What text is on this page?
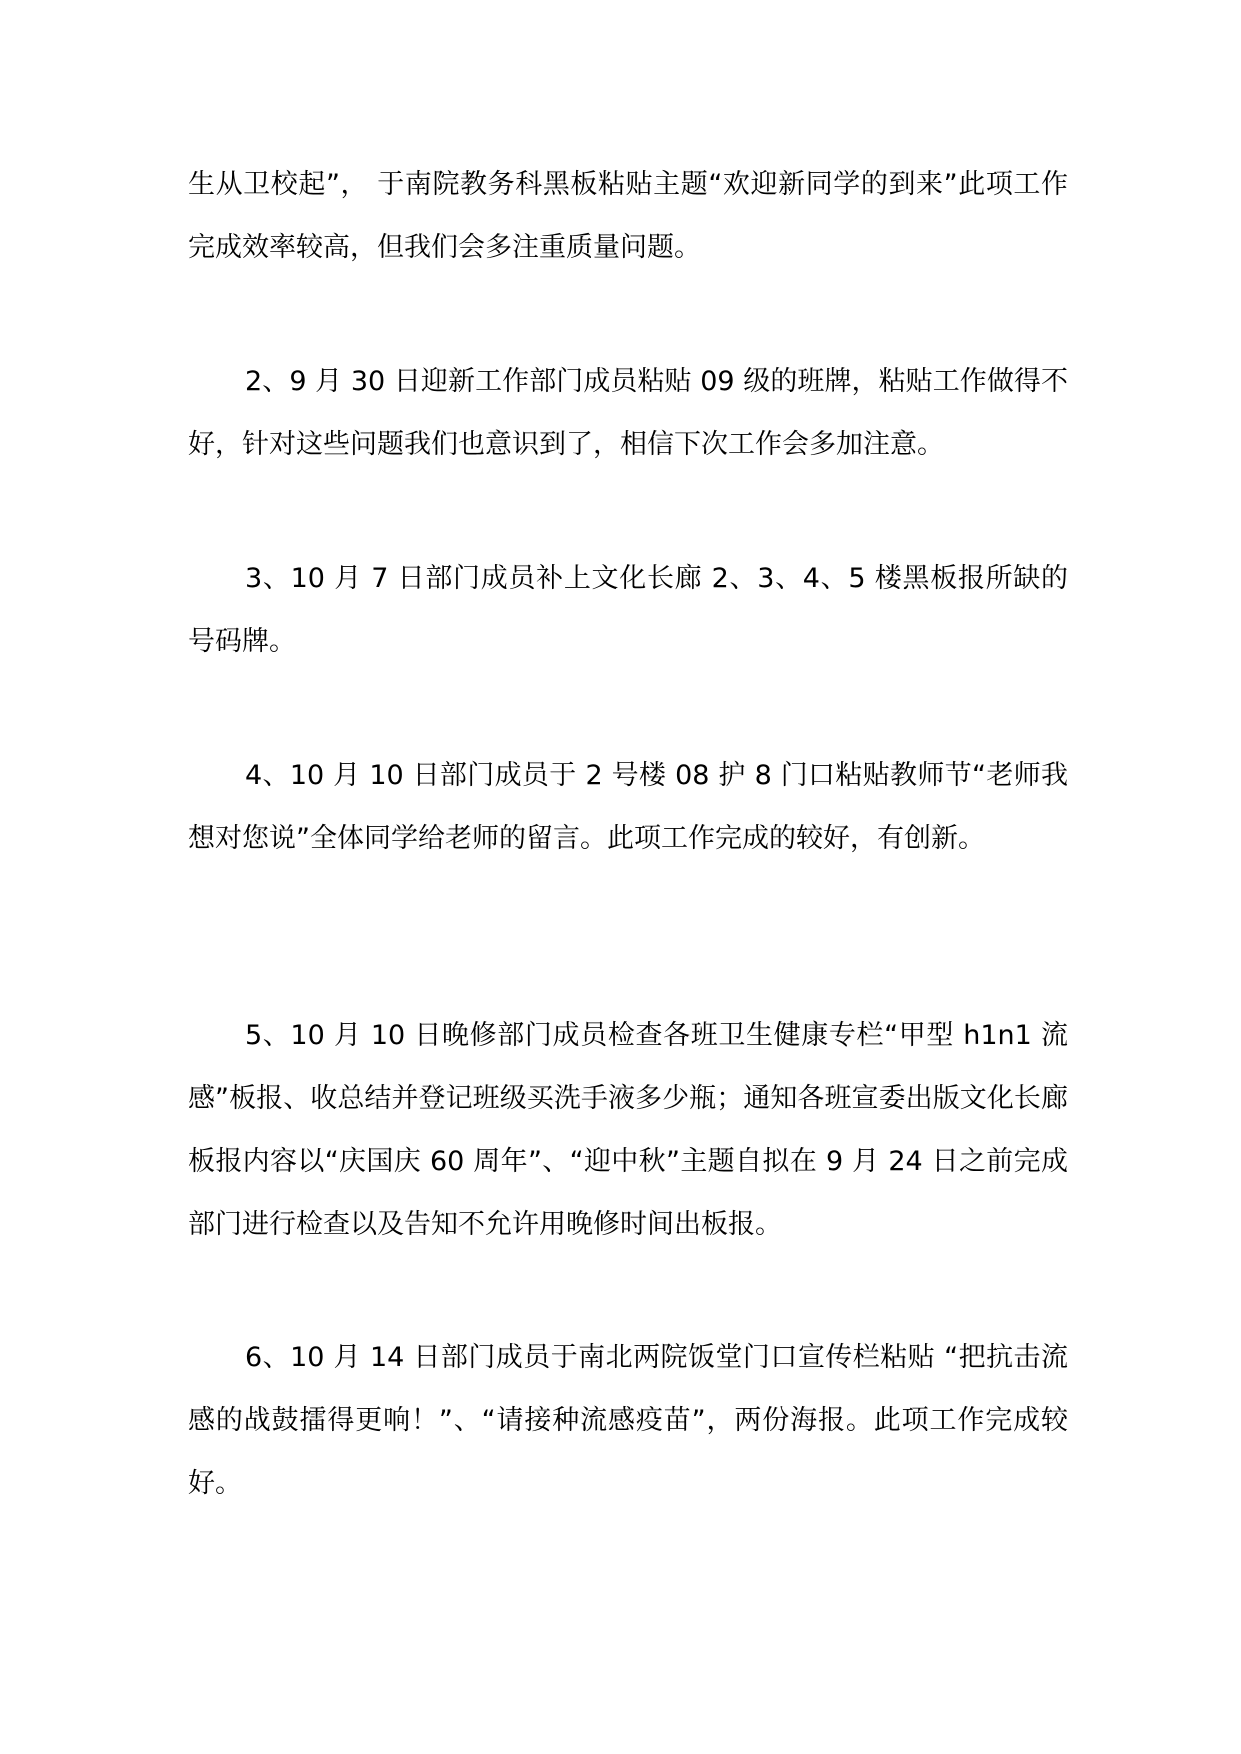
生从卫校起”， 于南院教务科黑板粘贴主题“欢迎新同学的到来”此项工作完成效率较高，但我们会多注重质量问题。

2、9 月 30 日迎新工作部门成员粘贴 09 级的班牌，粘贴工作做得不好，针对这些问题我们也意识到了，相信下次工作会多加注意。

3、10 月 7 日部门成员补上文化长廊 2、3、4、5 楼黑板报所缺的号码牌。

4、10 月 10 日部门成员于 2 号楼 08 护 8 门口粘贴教师节“老师我想对您说”全体同学给老师的留言。此项工作完成的较好，有创新。

5、10 月 10 日晚修部门成员检查各班卫生健康专栏“甲型 h1n1 流感”板报、收总结并登记班级买洗手液多少瓶；通知各班宣委出版文化长廊板报内容以“庆国庆 60 周年”、“迎中秋”主题自拟在 9 月 24 日之前完成部门进行检查以及告知不允许用晚修时间出板报。

6、10 月 14 日部门成员于南北两院饭堂门口宣传栏粘贴 “把抗击流感的战鼓擂得更响！”、“请接种流感疫苗”，两份海报。此项工作完成较好。
